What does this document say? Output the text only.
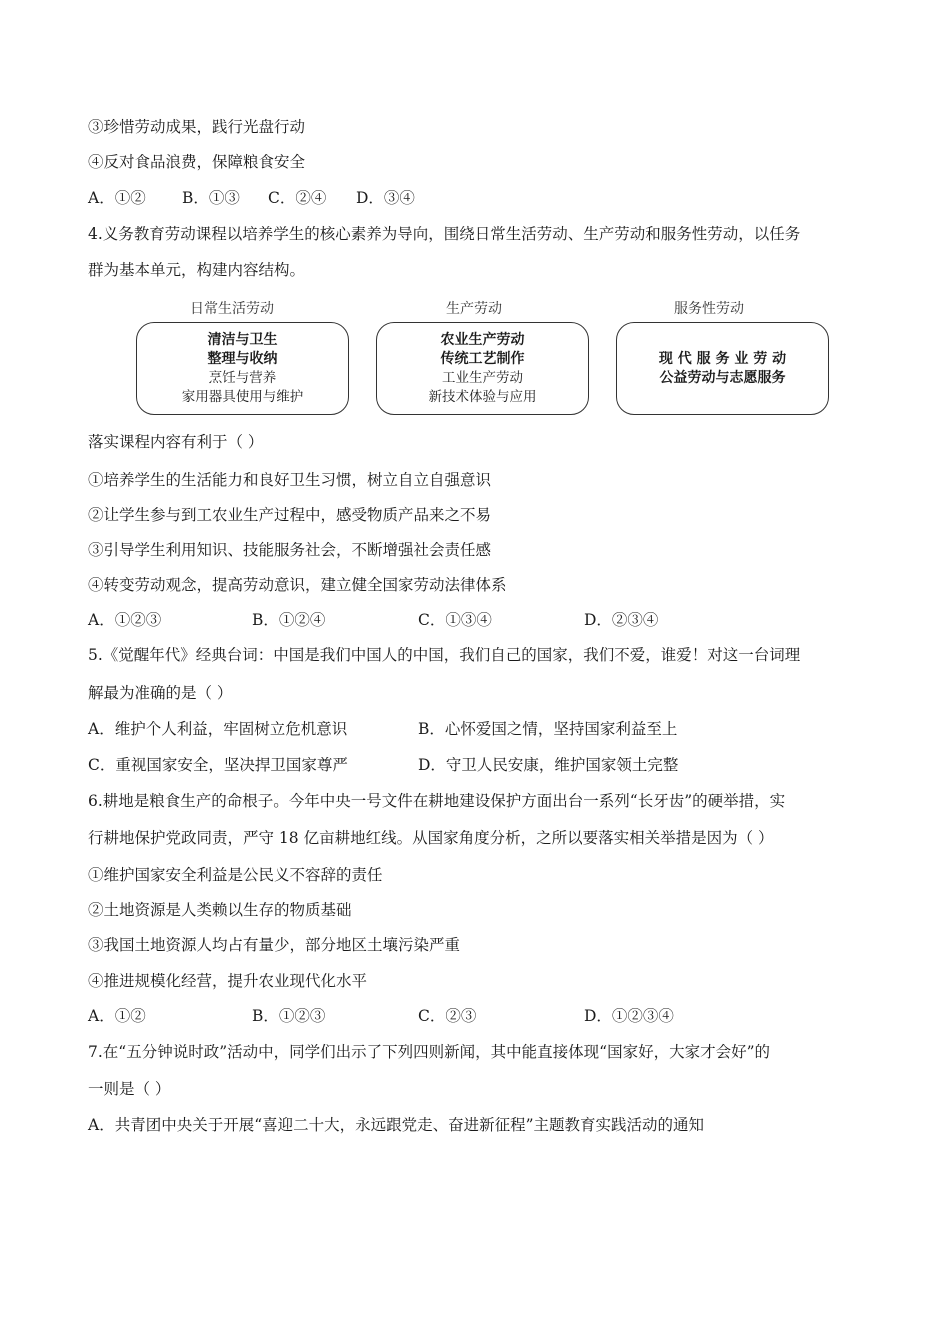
③珍惜劳动成果，践行光盘行动
④反对食品浪费，保障粮食安全
A．①② B．①③ C．②④ D．③④
4.义务教育劳动课程以培养学生的核心素养为导向，围绕日常生活劳动、生产劳动和服务性劳动，以任务
群为基本单元，构建内容结构。
日常生活劳动	生产劳动	服务性劳动
清洁与卫生
整理与收纳
烹饪与营养
家用器具使用与维护
农业生产劳动
传统工艺制作
工业生产劳动
新技术体验与应用
现 代 服 务 业 劳 动
公益劳动与志愿服务
落实课程内容有利于（ ）
①培养学生的生活能力和良好卫生习惯，树立自立自强意识
②让学生参与到工农业生产过程中，感受物质产品来之不易
③引导学生利用知识、技能服务社会，不断增强社会责任感
④转变劳动观念，提高劳动意识，建立健全国家劳动法律体系
A．①②③	B．①②④	C．①③④	D．②③④
5.《觉醒年代》经典台词：中国是我们中国人的中国，我们自己的国家，我们不爱，谁爱！对这一台词理
解最为准确的是（ ）
A．维护个人利益，牢固树立危机意识	B．心怀爱国之情，坚持国家利益至上
C．重视国家安全，坚决捍卫国家尊严	D．守卫人民安康，维护国家领土完整
6.耕地是粮食生产的命根子。今年中央一号文件在耕地建设保护方面出台一系列“长牙齿”的硬举措，实
行耕地保护党政同责，严守 18 亿亩耕地红线。从国家角度分析，之所以要落实相关举措是因为（ ）
①维护国家安全利益是公民义不容辞的责任
②土地资源是人类赖以生存的物质基础
③我国土地资源人均占有量少，部分地区土壤污染严重
④推进规模化经营，提升农业现代化水平
A．①②	B．①②③	C．②③	D．①②③④
7.在“五分钟说时政”活动中，同学们出示了下列四则新闻，其中能直接体现“国家好，大家才会好”的
一则是（ ）
A．共青团中央关于开展“喜迎二十大，永远跟党走、奋进新征程”主题教育实践活动的通知
